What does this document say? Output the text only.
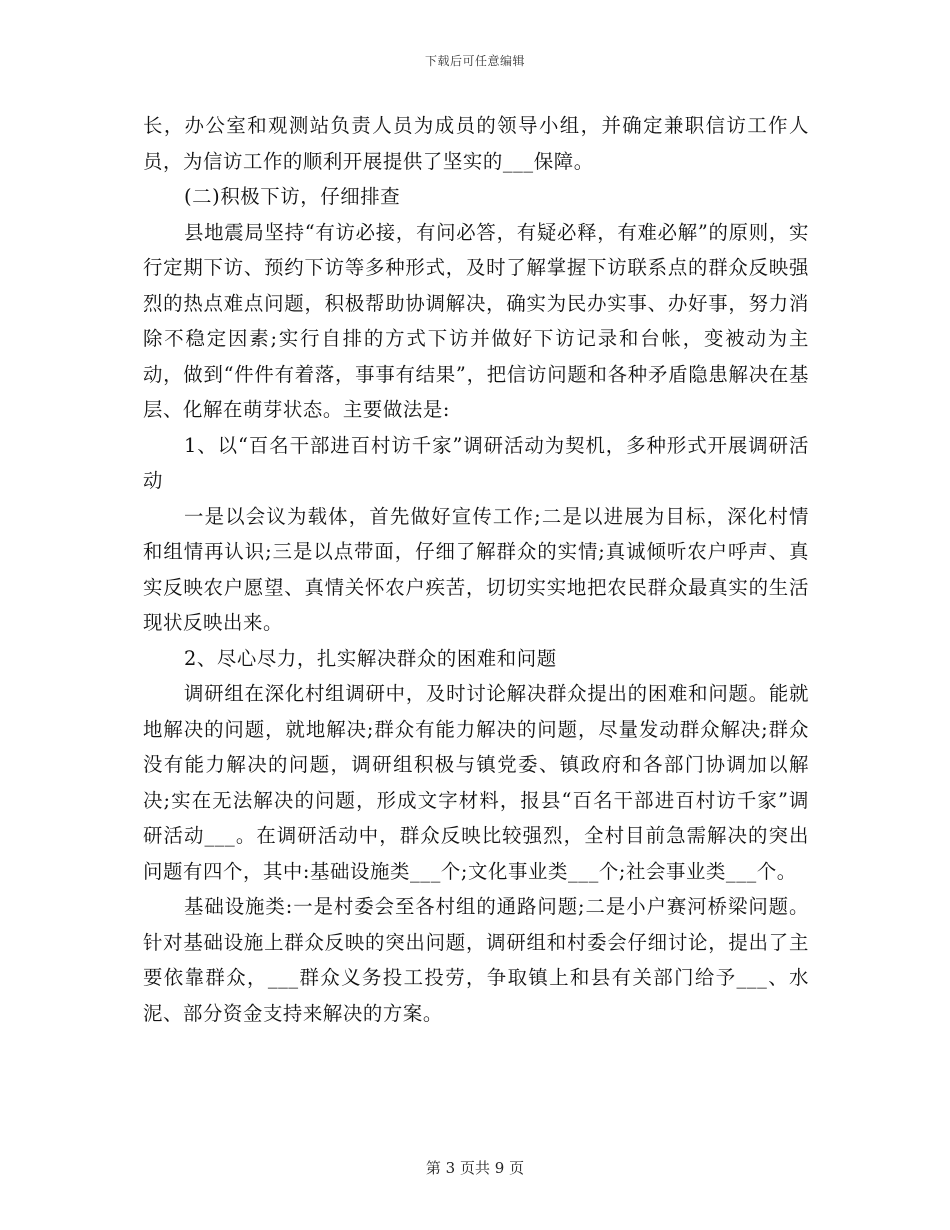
下载后可任意编辑

长，办公室和观测站负责人员为成员的领导小组，并确定兼职信访工作人员，为信访工作的顺利开展提供了坚实的___保障。

(二)积极下访，仔细排查

县地震局坚持“有访必接，有问必答，有疑必释，有难必解”的原则，实行定期下访、预约下访等多种形式，及时了解掌握下访联系点的群众反映强烈的热点难点问题，积极帮助协调解决，确实为民办实事、办好事，努力消除不稳定因素;实行自排的方式下访并做好下访记录和台帐，变被动为主动，做到“件件有着落，事事有结果”，把信访问题和各种矛盾隐患解决在基层、化解在萌芽状态。主要做法是:

1、以“百名干部进百村访千家”调研活动为契机，多种形式开展调研活动

一是以会议为载体，首先做好宣传工作;二是以进展为目标，深化村情和组情再认识;三是以点带面，仔细了解群众的实情;真诚倾听农户呼声、真实反映农户愿望、真情关怀农户疾苦，切切实实地把农民群众最真实的生活现状反映出来。

2、尽心尽力，扎实解决群众的困难和问题

调研组在深化村组调研中，及时讨论解决群众提出的困难和问题。能就地解决的问题，就地解决;群众有能力解决的问题，尽量发动群众解决;群众没有能力解决的问题，调研组积极与镇党委、镇政府和各部门协调加以解决;实在无法解决的问题，形成文字材料，报县“百名干部进百村访千家”调研活动___。在调研活动中，群众反映比较强烈，全村目前急需解决的突出问题有四个，其中:基础设施类___个;文化事业类___个;社会事业类___个。

基础设施类:一是村委会至各村组的通路问题;二是小户赛河桥梁问题。针对基础设施上群众反映的突出问题，调研组和村委会仔细讨论，提出了主要依靠群众，___群众义务投工投劳，争取镇上和县有关部门给予___、水泥、部分资金支持来解决的方案。

第 3 页共 9 页
